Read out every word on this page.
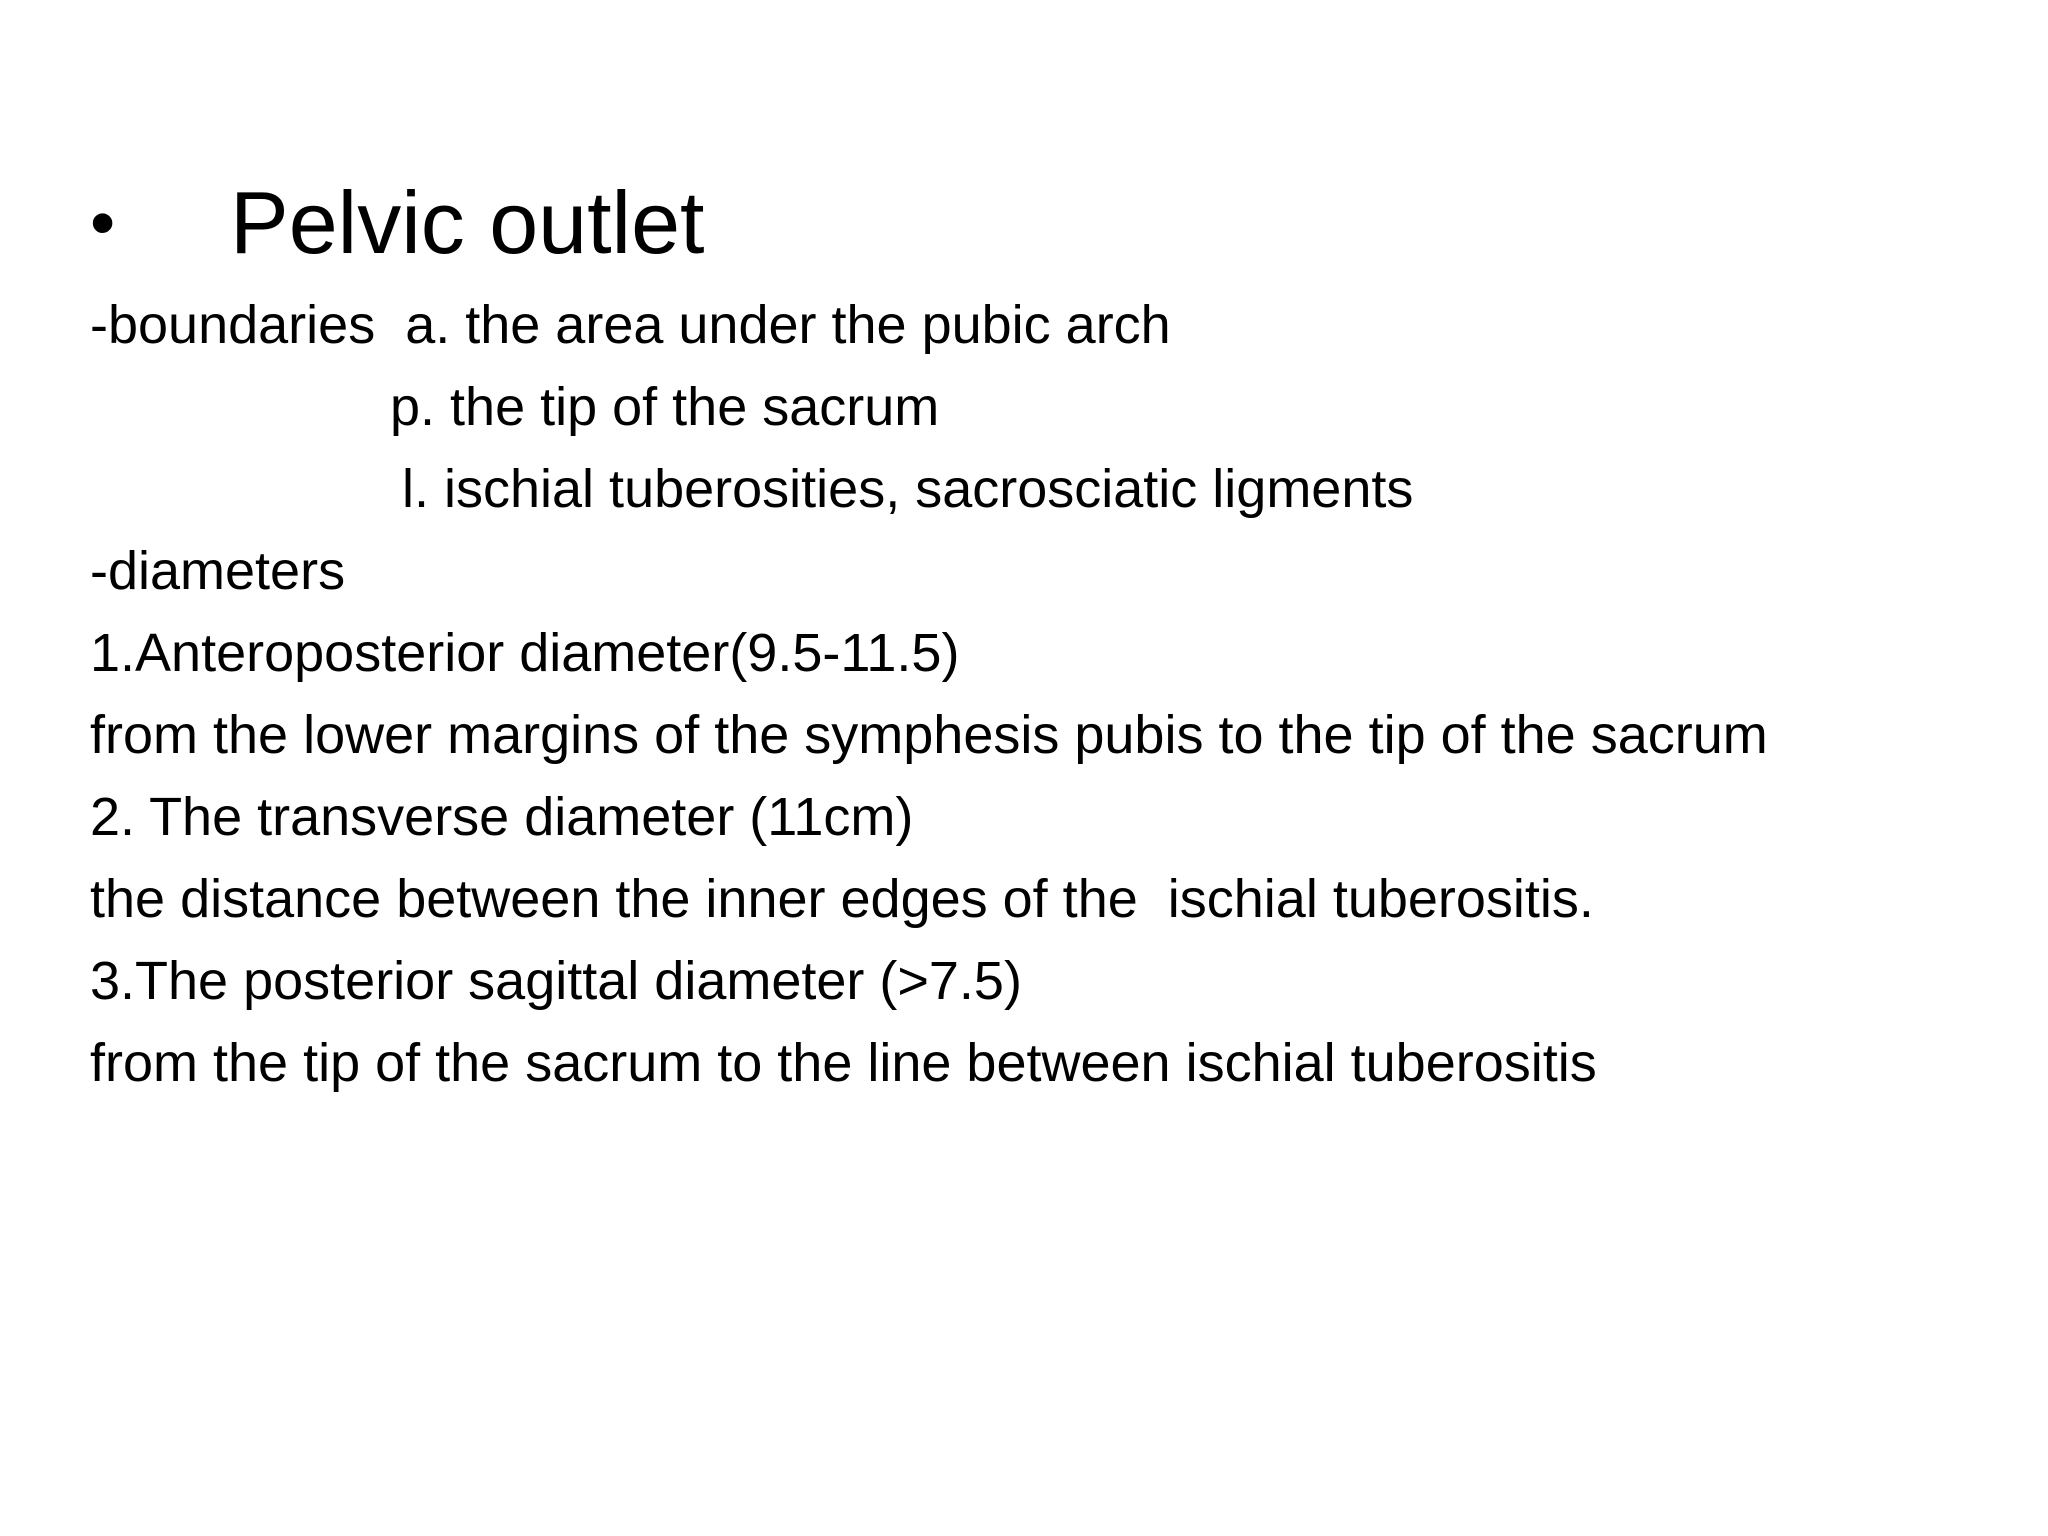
•	Pelvic outlet
-boundaries  a. the area under the pubic arch
p. the tip of the sacrum
l. ischial tuberosities, sacrosciatic ligments
-diameters
1.Anteroposterior diameter(9.5-11.5)
from the lower margins of the symphesis pubis to the tip of the sacrum
2. The transverse diameter (11cm)
the distance between the inner edges of the  ischial tuberositis.
3.The posterior sagittal diameter (>7.5)
from the tip of the sacrum to the line between ischial tuberositis
